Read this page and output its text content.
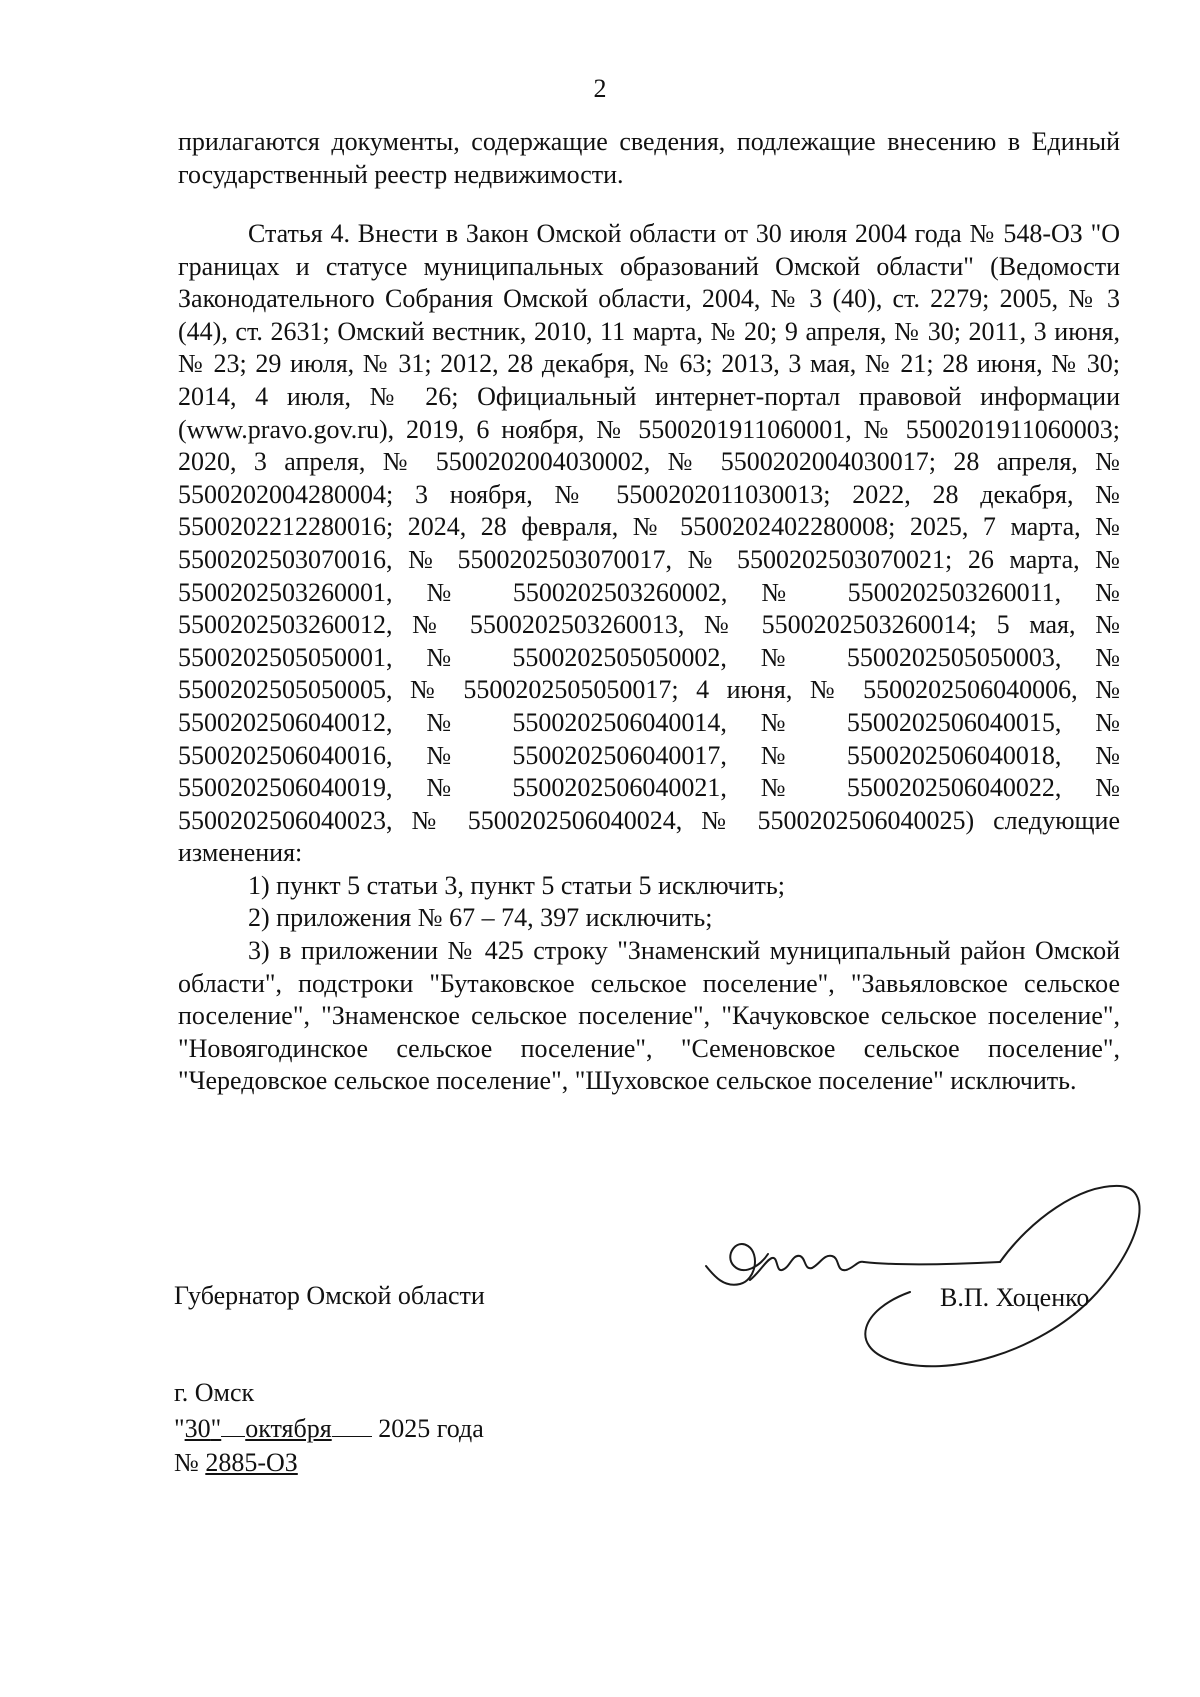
2

прилагаются документы, содержащие сведения, подлежащие внесению в Единый государственный реестр недвижимости.

Статья 4. Внести в Закон Омской области от 30 июля 2004 года № 548-ОЗ "О границах и статусе муниципальных образований Омской области" (Ведомости Законодательного Собрания Омской области, 2004, № 3 (40), ст. 2279; 2005, № 3 (44), ст. 2631; Омский вестник, 2010, 11 марта, № 20; 9 апреля, № 30; 2011, 3 июня, № 23; 29 июля, № 31; 2012, 28 декабря, № 63; 2013, 3 мая, № 21; 28 июня, № 30; 2014, 4 июля, № 26; Официальный интернет-портал правовой информации (www.pravo.gov.ru), 2019, 6 ноября, № 5500201911060001, № 5500201911060003; 2020, 3 апреля, № 5500202004030002, № 5500202004030017; 28 апреля, № 5500202004280004; 3 ноября, № 5500202011030013; 2022, 28 декабря, № 5500202212280016; 2024, 28 февраля, № 5500202402280008; 2025, 7 марта, № 5500202503070016, № 5500202503070017, № 5500202503070021; 26 марта, № 5500202503260001, № 5500202503260002, № 5500202503260011, № 5500202503260012, № 5500202503260013, № 5500202503260014; 5 мая, № 5500202505050001, № 5500202505050002, № 5500202505050003, № 5500202505050005, № 5500202505050017; 4 июня, № 5500202506040006, № 5500202506040012, № 5500202506040014, № 5500202506040015, № 5500202506040016, № 5500202506040017, № 5500202506040018, № 5500202506040019, № 5500202506040021, № 5500202506040022, № 5500202506040023, № 5500202506040024, № 5500202506040025) следующие изменения:

1) пункт 5 статьи 3, пункт 5 статьи 5 исключить;

2) приложения № 67 – 74, 397 исключить;

3) в приложении № 425 строку "Знаменский муниципальный район Омской области", подстроки "Бутаковское сельское поселение", "Завьяловское сельское поселение", "Знаменское сельское поселение", "Качуковское сельское поселение", "Новоягодинское сельское поселение", "Семеновское сельское поселение", "Чередовское сельское поселение", "Шуховское сельское поселение" исключить.

Губернатор Омской области	В.П. Хоценко
г. Омск
"30" октября 2025 года
№ 2885-ОЗ
